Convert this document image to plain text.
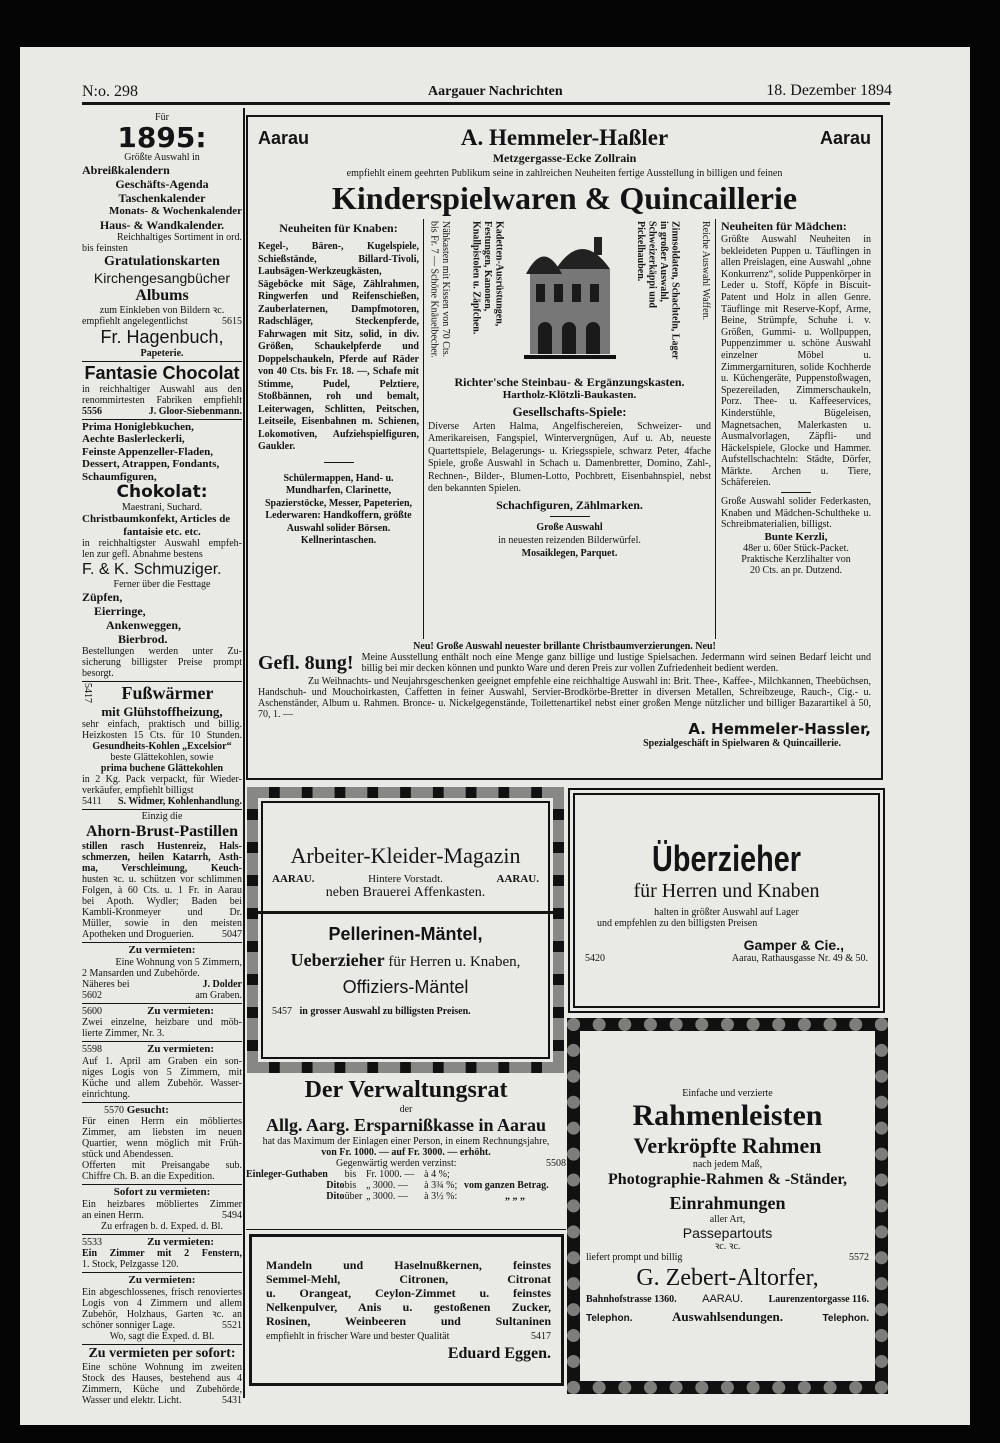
N:o. 298	Aargauer Nachrichten	18. Dezember 1894
Für
1895:
Größte Auswahl in
Abreißkalendern
Geschäfts-Agenda
Taschenkalender
Monats- & Wochenkalender
Haus- & Wandkalender.
Reichhaltiges Sortiment in ord.
bis feinsten
Gratulationskarten
Kirchengesangbücher
Albums
zum Einkleben von Bildern ꝛc.
empfiehlt angelegentlichst	5615
Fr. Hagenbuch,
Papeterie.
Fantasie Chocolat
in reichhaltiger Auswahl aus den
renommirtesten Fabriken empfiehlt
5556	J. Gloor-Siebenmann.
Prima Honiglebkuchen,
Aechte Baslerleckerli,
Feinste Appenzeller-Fladen,
Dessert, Atrappen, Fondants,
Schaumfiguren,
Chokolat:
Maestrani, Suchard.
Christbaumkonfekt, Articles de
fantaisie etc. etc.
in reichhaltigster Auswahl empfeh-
len zur gefl. Abnahme bestens
F. & K. Schmuziger.
Ferner über die Festtage
Züpfen,
Eierringe,
Ankenweggen,
Bierbrod.
Bestellungen werden unter Zu-
sicherung billigster Preise prompt
besorgt.
5417 Fußwärmer
mit Glühstoffheizung,
sehr einfach, praktisch und billig.
Heizkosten 15 Cts. für 10 Stunden.
Gesundheits-Kohlen „Excelsior“
beste Glättekohlen, sowie
prima buchene Glättekohlen
in 2 Kg. Pack verpackt, für Wieder-
verkäufer, empfiehlt billigst
5411 S. Widmer, Kohlenhandlung.
Einzig die
Ahorn-Brust-Pastillen
stillen rasch Hustenreiz, Hals-
schmerzen, heilen Katarrh, Asth-
ma, Verschleimung, Keuch-
husten ꝛc. u. schützen vor schlimmen
Folgen, à 60 Cts. u. 1 Fr. in Aarau
bei Apoth. Wydler; Baden bei
Kambli-Kronmeyer und Dr.
Müller, sowie in den meisten
Apotheken und Droguerien.	5047
Zu vermieten:
Eine Wohnung von 5 Zimmern,
2 Mansarden und Zubehörde.
Näheres bei	J. Dolder
5602	am Graben.
5600	Zu vermieten:
Zwei einzelne, heizbare und möb-
lierte Zimmer, Nr. 3.
5598	Zu vermieten:
Auf 1. April am Graben ein son-
niges Logis von 5 Zimmern, mit
Küche und allem Zubehör. Wasser-
einrichtung.
5570 Gesucht:
Für einen Herrn ein möbliertes
Zimmer, am liebsten im neuen
Quartier, wenn möglich mit Früh-
stück und Abendessen.
Offerten mit Preisangabe sub.
Chiffre Ch. B. an die Expedition.
Sofort zu vermieten:
Ein heizbares möbliertes Zimmer
an einen Herrn.	5494
Zu erfragen b. d. Exped. d. Bl.
5533	Zu vermieten:
Ein Zimmer mit 2 Fenstern,
1. Stock, Pelzgasse 120.
Zu vermieten:
Ein abgeschlossenes, frisch renoviertes
Logis von 4 Zimmern und allem
Zubehör, Holzhaus, Garten ꝛc. an
schöner sonniger Lage.	5521
Wo, sagt die Exped. d. Bl.
Zu vermieten per sofort:
Eine schöne Wohnung im zweiten
Stock des Hauses, bestehend aus 4
Zimmern, Küche und Zubehörde,
Wasser und elektr. Licht.	5431
Aarau	A. Hemmeler-Haßler	Aarau
Metzgergasse-Ecke Zollrain
empfiehlt einem geehrten Publikum seine in zahlreichen Neuheiten fertige Ausstellung in billigen und feinen
Kinderspielwaren & Quincaillerie
Neuheiten für Knaben:
Kegel-, Bären-, Kugelspiele, Schießstände, Billard-Tivoli, Laubsägen-Werkzeugkästen, Sägeböcke mit Säge, Zählrahmen, Ringwerfen und Reifenschießen, Zauberlaternen, Dampfmotoren, Radschläger, Steckenpferde, Fahrwagen mit Sitz, solid, in div. Größen, Schaukelpferde und Doppelschaukeln, Pferde auf Räder von 40 Cts. bis Fr. 18. —, Schafe mit Stimme, Pudel, Pelztiere, Stoßbännen, roh und bemalt, Leiterwagen, Schlitten, Peitschen, Leitseile, Eisenbahnen m. Schienen, Lokomotiven, Aufziehspielfiguren, Gaukler.
Schülermappen, Hand- u. Mundharfen, Clarinette, Spazierstöcke, Messer, Papeterien, Lederwaren: Handkoffern, größte Auswahl solider Börsen. Kellnerintaschen.
Nähkasten mit Kissen von 70 Cts. bis Fr. 7 — Schöne Knäuelbecher.	Kadetten-Ausrüstungen, Festungen, Kanonen, Knallpistolen u. Zäpfchen.	Zinnsoldaten, Schachteln, Lager in großer Auswahl, Schweizerkäppi und Pickelhauben.	Reiche Auswahl Waffen.
Richter'sche Steinbau- & Ergänzungskasten.
Hartholz-Klötzli-Baukasten.
Gesellschafts-Spiele:
Diverse Arten Halma, Angelfischereien, Schweizer- und Amerikareisen, Fangspiel, Wintervergnügen, Auf u. Ab, neueste Quartettspiele, Belagerungs- u. Kriegsspiele, schwarz Peter, 4fache Spiele, große Auswahl in Schach u. Damenbretter, Domino, Zahl-, Rechnen-, Bilder-, Blumen-Lotto, Pochbrett, Eisenbahnspiel, nebst den bekannten Spielen.
Schachfiguren, Zählmarken.
Große Auswahl
in neuesten reizenden Bilderwürfel.
Mosaiklegen, Parquet.
Neuheiten für Mädchen:
Größte Auswahl Neuheiten in bekleideten Puppen u. Täuflingen in allen Preislagen, eine Auswahl „ohne Konkurrenz“, solide Puppenkörper in Leder u. Stoff, Köpfe in Biscuit-Patent und Holz in allen Genre. Täuflinge mit Reserve-Kopf, Arme, Beine, Strümpfe, Schuhe i. v. Größen, Gummi- u. Wollpuppen, Puppenzimmer u. schöne Auswahl einzelner Möbel u. Zimmergarnituren, solide Kochherde u. Küchengeräte, Puppenstoßwagen, Spezereiladen, Zimmerschaukeln, Porz. Thee- u. Kaffeeservices, Kinderstühle, Bügeleisen, Magnetsachen, Malerkasten u. Ausmalvorlagen, Zäpfli- und Häckelspiele, Glocke und Hammer. Aufstellschachteln: Städte, Dörfer, Märkte. Archen u. Tiere, Schäfereien.
Große Auswahl solider Federkasten, Knaben und Mädchen-Schultheke u. Schreibmaterialien, billigst.
Bunte Kerzli,
48er u. 60er Stück-Packet.
Praktische Kerzlihalter von
20 Cts. an pr. Dutzend.
Neu! Große Auswahl neuester brillante Christbaumverzierungen. Neu!
Gefl. 8ung! Meine Ausstellung enthält noch eine Menge ganz billige und lustige Spielsachen. Jedermann wird seinen Bedarf leicht und billig bei mir decken können und punkto Ware und deren Preis zur vollen Zufriedenheit bedient werden.
Zu Weihnachts- und Neujahrsgeschenken geeignet empfehle eine reichhaltige Auswahl in: Brit. Thee-, Kaffee-, Milchkannen, Theebüchsen, Handschuh- und Mouchoirkasten, Caffetten in feiner Auswahl, Servier-Brodkörbe-Bretter in diversen Metallen, Schreibzeuge, Rauch-, Cig.- u. Aschenständer, Album u. Rahmen. Bronce- u. Nickelgegenstände, Toilettenartikel nebst einer großen Menge nützlicher und billiger Bazarartikel à 50, 70, 1. —
A. Hemmeler-Hassler,
Spezialgeschäft in Spielwaren & Quincaillerie.
Arbeiter-Kleider-Magazin
AARAU.	Hintere Vorstadt.	AARAU.
neben Brauerei Affenkasten.
Pellerinen-Mäntel,
Ueberzieher für Herren u. Knaben,
Offiziers-Mäntel
5457 in grosser Auswahl zu billigsten Preisen.
Der Verwaltungsrat
der
Allg. Aarg. Ersparnißkasse in Aarau
hat das Maximum der Einlagen einer Person, in einem Rechnungsjahre,
von Fr. 1000. — auf Fr. 3000. — erhöht.
Gegenwärtig werden verzinst:	5508
Einleger-Guthaben	bis	Fr. 1000. —	à 4 %;	
Dito	bis	„ 3000. —	à 3¾ %;	vom ganzen Betrag.
Dito	über	„ 3000. —	à 3½ %:	„ „ „
Mandeln und Haselnußkernen, feinstes
Semmel-Mehl, Citronen, Citronat
u. Orangeat, Ceylon-Zimmet u. feinstes
Nelkenpulver, Anis u. gestoßenen Zucker,
Rosinen, Weinbeeren und Sultaninen
empfiehlt in frischer Ware und bester Qualität	5417
Eduard Eggen.
Überzieher
für Herren und Knaben
halten in größter Auswahl auf Lager
und empfehlen zu den billigsten Preisen
Gamper & Cie.,
5420	Aarau, Rathausgasse Nr. 49 & 50.
Einfache und verzierte
Rahmenleisten
Verkröpfte Rahmen
nach jedem Maß,
Photographie-Rahmen & -Ständer,
Einrahmungen
aller Art,
Passepartouts
ꝛc. ꝛc.
liefert prompt und billig	5572
G. Zebert-Altorfer,
Bahnhofstrasse 1360. AARAU.	Laurenzentorgasse 116.
Telephon.	Auswahlsendungen.	Telephon.
